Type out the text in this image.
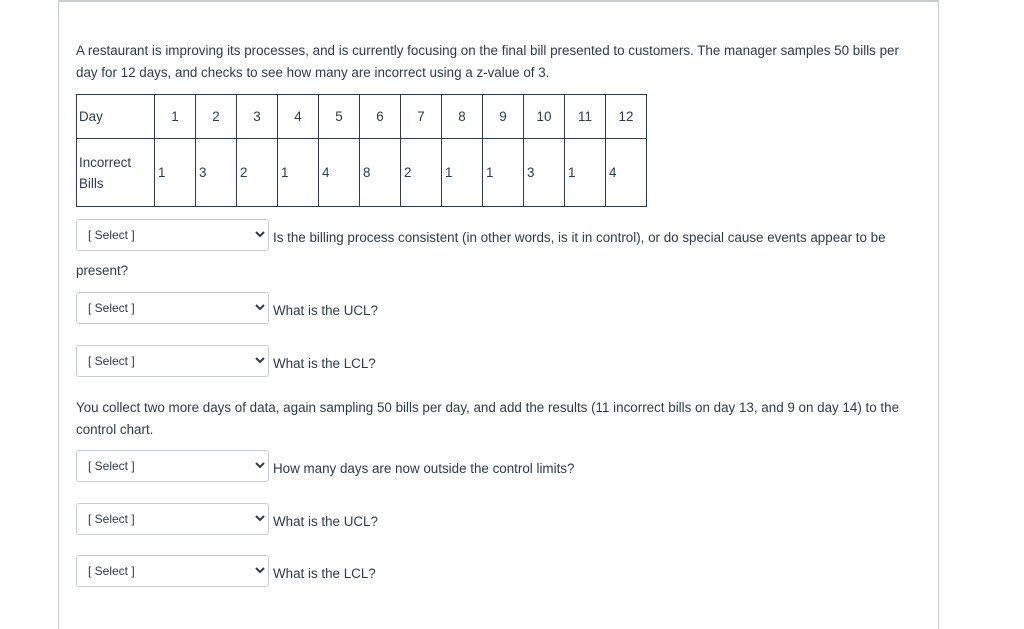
A restaurant is improving its processes, and is currently focusing on the final bill presented to customers. The manager samples 50 bills per day for 12 days, and checks to see how many are incorrect using a z-value of 3.

Day	1	2	3	4	5	6	7	8	9	10	11	12

Incorrect
Bills	1	3	2	1	4	8	2	1	1	3	1	4
[ Select ]	Is the billing process consistent (in other words, is it in control), or do special cause events appear to be
present?
[ Select ]	What is the UCL?
[ Select ]	What is the LCL?

You collect two more days of data, again sampling 50 bills per day, and add the results (11 incorrect bills on day 13, and 9 on day 14) to the control chart.

[ Select ]	How many days are now outside the control limits?
[ Select ]	What is the UCL?
[ Select ]	What is the LCL?
